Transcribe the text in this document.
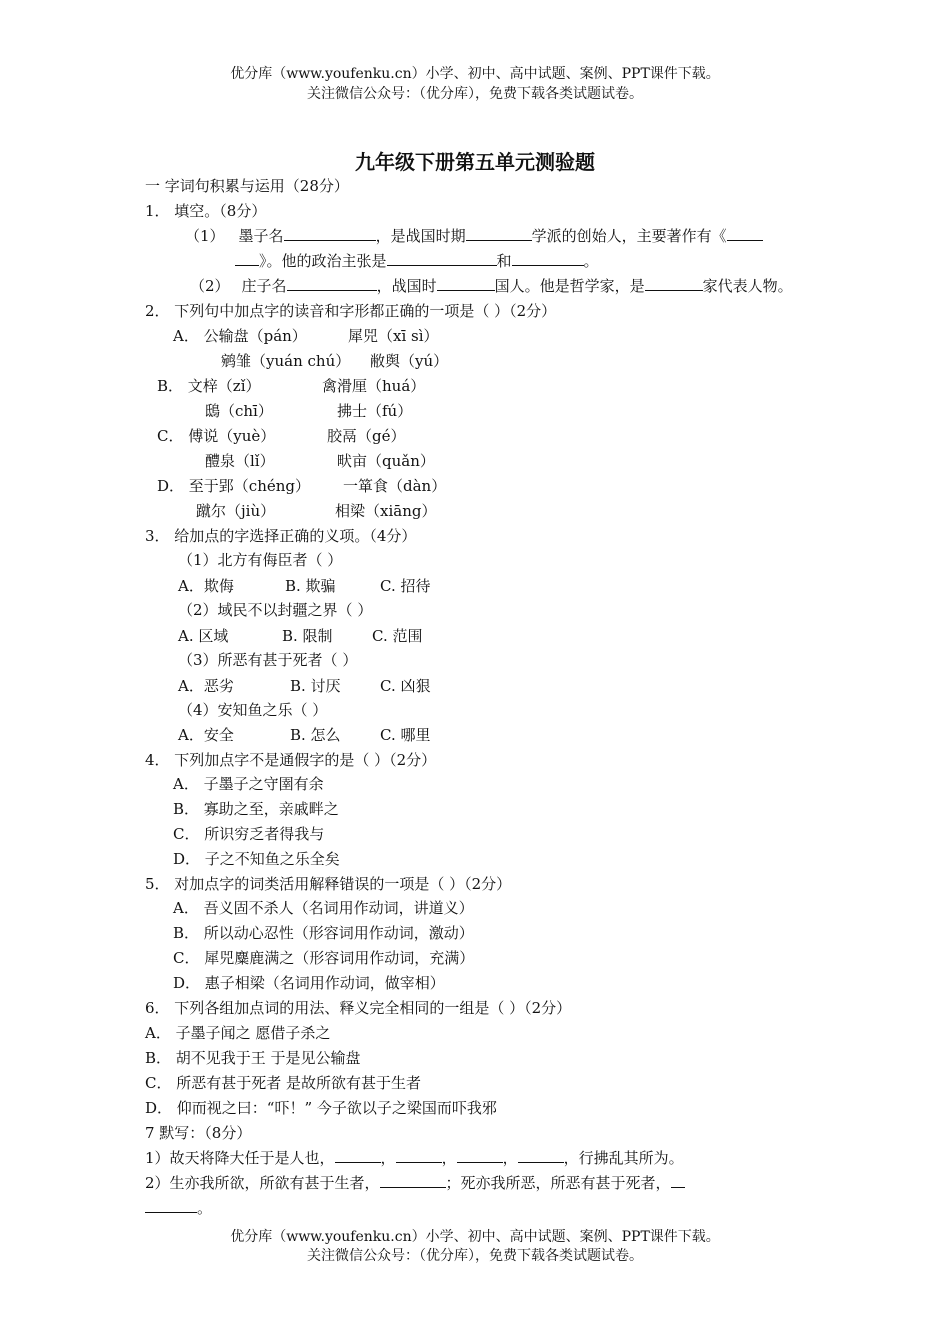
优分库（www.youfenku.cn）小学、初中、高中试题、案例、PPT课件下载。
关注微信公众号：（优分库），免费下载各类试题试卷。
九年级下册第五单元测验题
一 字词句积累与运用（28分）
1． 填空。（8分）
（1） 墨子名	，是战国时期	学派的创始人，主要著作有《
》。他的政治主张是	和	。
（2） 庄子名	，战国时	国人。他是哲学家，是	家代表人物。
2． 下列句中加点字的读音和字形都正确的一项是（ ）（2分）
A． 公输盘（pán）	犀兕（xī sì）
鹓雏（yuán chú） 敝舆（yú）
B． 文梓（zǐ）	禽滑厘（huá）
鴟（chī）	拂士（fú）
C． 傅说（yuè）	胶鬲（gé）
醴泉（lǐ）	畎亩（quǎn）
D． 至于郢（chéng） 一箪食（dàn）
蹴尔（jiù）	相梁（xiāng）
3． 给加点的字选择正确的义项。（4分）
（1）北方有侮臣者（ ）
A．欺侮	B. 欺骗	C. 招待
（2）域民不以封疆之界（ ）
A. 区域	B. 限制	C. 范围
（3）所恶有甚于死者（ ）
A．恶劣	B. 讨厌	C. 凶狠
（4）安知鱼之乐（ ）
A．安全	B. 怎么	C. 哪里
4． 下列加点字不是通假字的是（ ）（2分）
A． 子墨子之守圉有余
B． 寡助之至，亲戚畔之
C． 所识穷乏者得我与
D． 子之不知鱼之乐全矣
5． 对加点字的词类活用解释错误的一项是（ ）（2分）
A． 吾义固不杀人（名词用作动词，讲道义）
B． 所以动心忍性（形容词用作动词，激动）
C． 犀兕麋鹿满之（形容词用作动词，充满）
D． 惠子相梁（名词用作动词，做宰相）
6． 下列各组加点词的用法、释义完全相同的一组是（ ）（2分）
A． 子墨子闻之 愿借子杀之
B． 胡不见我于王 于是见公输盘
C． 所恶有甚于死者 是故所欲有甚于生者
D． 仰而视之曰：“吓！” 今子欲以子之梁国而吓我邪
7 默写：（8分）
1）故天将降大任于是人也，	，	，	，	，行拂乱其所为。
2）生亦我所欲，所欲有甚于生者，	；死亦我所恶，所恶有甚于死者，
。
优分库（www.youfenku.cn）小学、初中、高中试题、案例、PPT课件下载。
关注微信公众号：（优分库），免费下载各类试题试卷。
